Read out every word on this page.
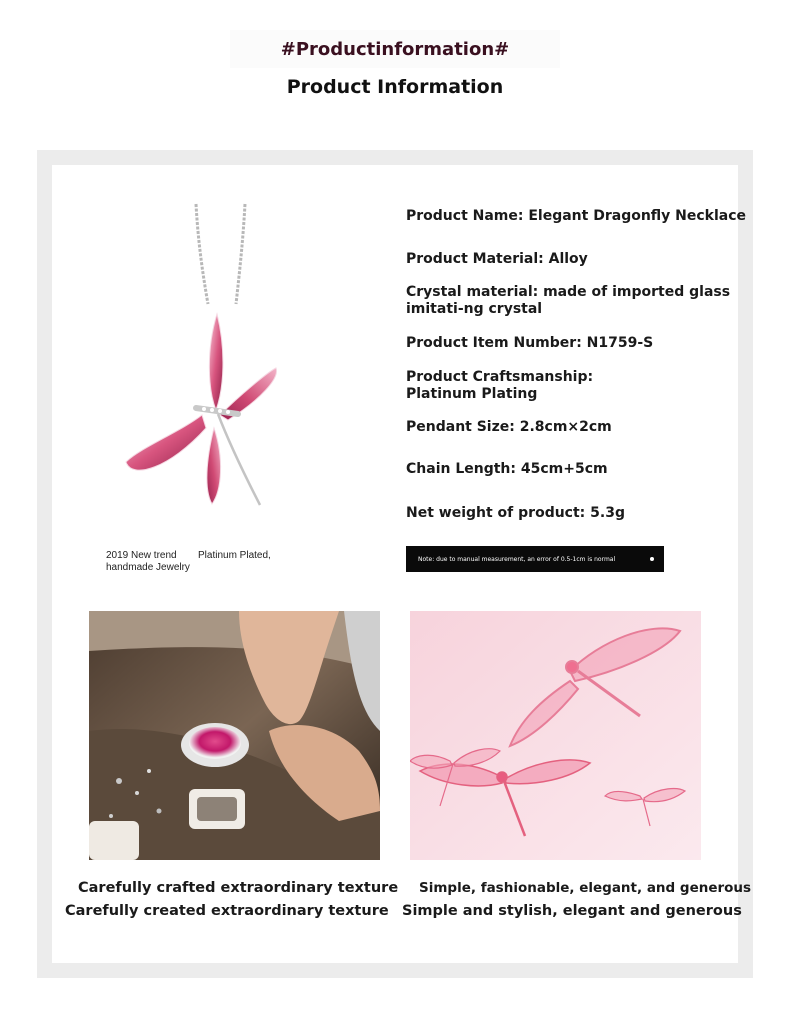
#Productinformation#
Product Information
2019 New trend handmade Jewelry
Platinum Plated,
Product Name: Elegant Dragonfly Necklace
Product Material: Alloy
Crystal material: made of imported glass imitati-ng crystal
Product Item Number: N1759-S
Product Craftsmanship: Platinum Plating
Pendant Size: 2.8cm×2cm
Chain Length: 45cm+5cm
Net weight of product: 5.3g
Note: due to manual measurement, an error of 0.5-1cm is normal
Carefully crafted extraordinary texture
Carefully created extraordinary texture
Simple, fashionable, elegant, and generous
Simple and stylish, elegant and generous
